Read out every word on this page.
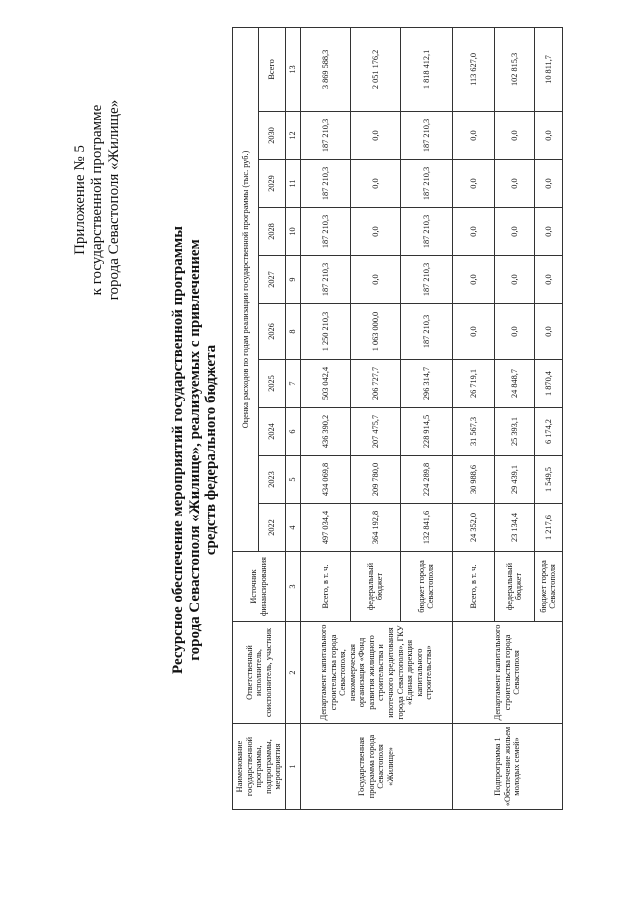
Приложение № 5 к государственной программе города Севастополя «Жилище»
Ресурсное обеспечение мероприятий государственной программы города Севастополя «Жилище», реализуемых с привлечением средств федерального бюджета
Наименование государственной программы, подпрограммы, мероприятия	Ответственный исполнитель, соисполнитель, участник	Источник финансирования	Оценка расходов по годам реализации государственной программы (тыс. руб.)									
			2022	2023	2024	2025	2026	2027	2028	2029	2030	Всего
1	2	3	4	5	6	7	8	9	10	11	12	13
Государственная программа города Севастополя «Жилище»	Департамент капитального строительства города Севастополя, некоммерческая организация «Фонд развития жилищного строительства и ипотечного кредитования города Севастополя», ГКУ «Единая дирекция капитального строительства»	Всего, в т. ч.	497 034,4	434 069,8	436 390,2	503 042,4	1 250 210,3	187 210,3	187 210,3	187 210,3	187 210,3	3 869 588,3
		федеральный бюджет	364 192,8	209 780,0	207 475,7	206 727,7	1 063 000,0	0,0	0,0	0,0	0,0	2 051 176,2
		бюджет города Севастополя	132 841,6	224 289,8	228 914,5	296 314,7	187 210,3	187 210,3	187 210,3	187 210,3	187 210,3	1 818 412,1
Подпрограмма 1 «Обеспечение жильем молодых семей»	Департамент капитального строительства города Севастополя	Всего, в т. ч.	24 352,0	30 988,6	31 567,3	26 719,1	0,0	0,0	0,0	0,0	0,0	113 627,0
		федеральный бюджет	23 134,4	29 439,1	25 393,1	24 848,7	0,0	0,0	0,0	0,0	0,0	102 815,3
		бюджет города Севастополя	1 217,6	1 549,5	6 174,2	1 870,4	0,0	0,0	0,0	0,0	0,0	10 811,7
